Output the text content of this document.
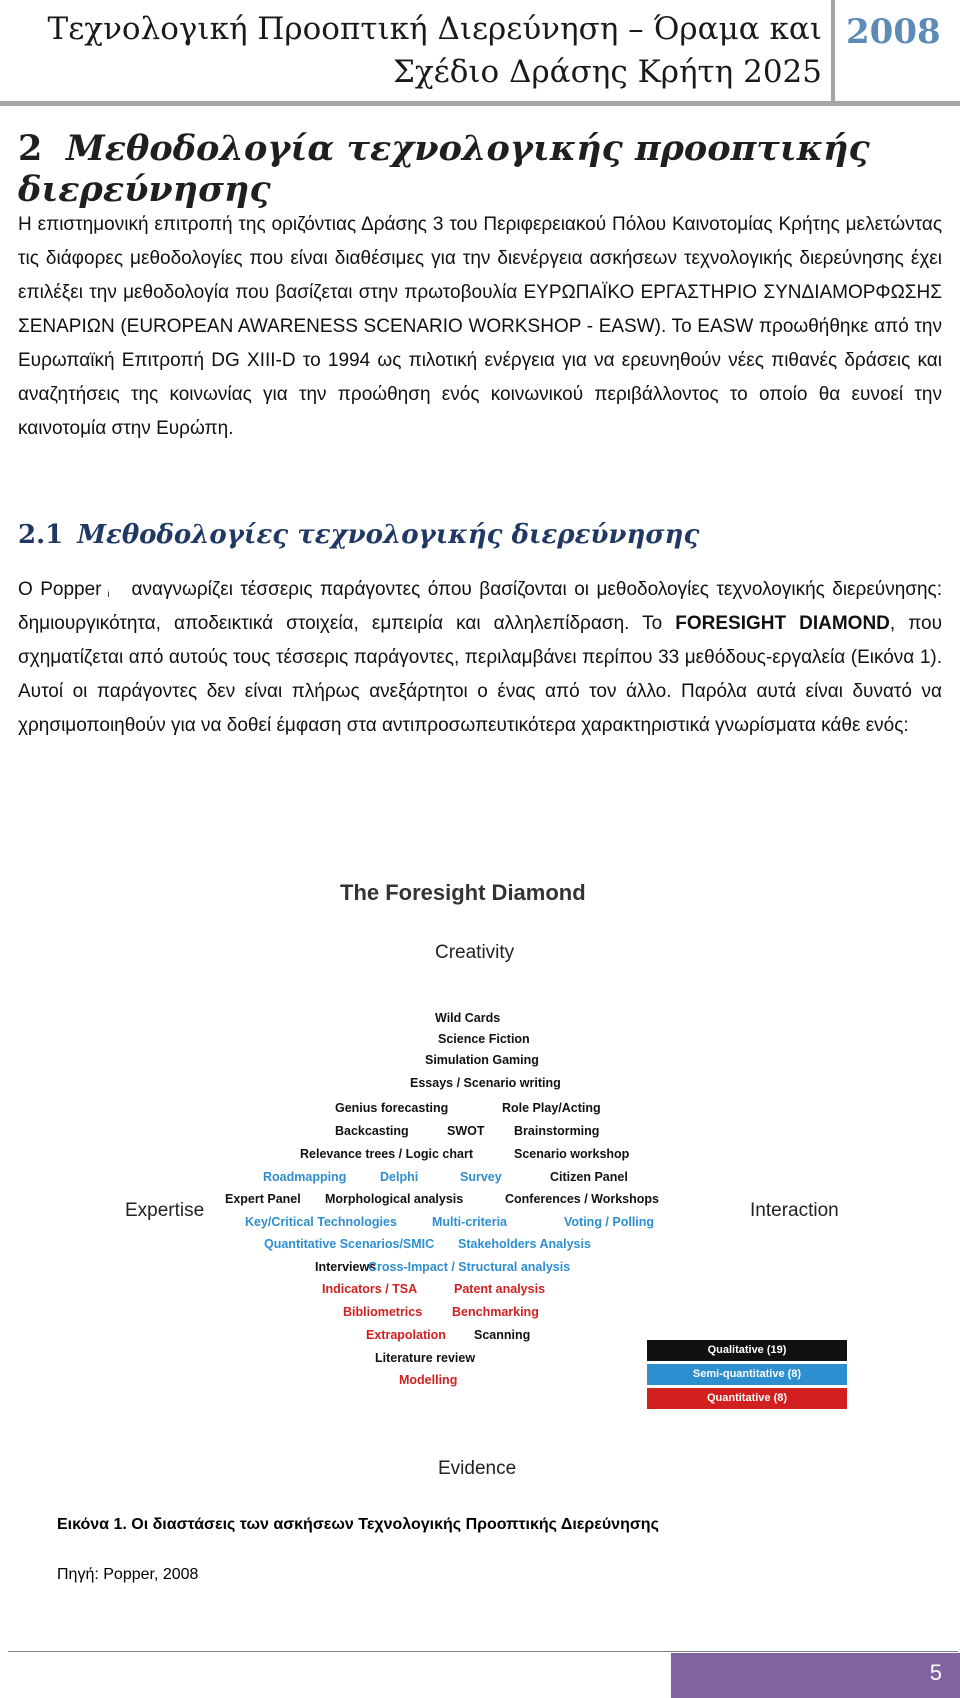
Τεχνολογική Προοπτική Διερεύνηση – Όραμα και Σχέδιο Δράσης Κρήτη 2025
2008
2 Μεθοδολογία τεχνολογικής προοπτικής διερεύνησης
Η επιστημονική επιτροπή της οριζόντιας Δράσης 3 του Περιφερειακού Πόλου Καινοτομίας Κρήτης μελετώντας τις διάφορες μεθοδολογίες που είναι διαθέσιμες για την διενέργεια ασκήσεων τεχνολογικής διερεύνησης έχει επιλέξει την μεθοδολογία που βασίζεται στην πρωτοβουλία ΕΥΡΩΠΑΪΚΟ ΕΡΓΑΣΤΗΡΙΟ ΣΥΝΔΙΑΜΟΡΦΩΣΗΣ ΣΕΝΑΡΙΩΝ (EUROPEAN AWARENESS SCENARIO WORKSHOP - EASW). Το EASW προωθήθηκε από την Ευρωπαϊκή Επιτροπή DG XIII-D το 1994 ως πιλοτική ενέργεια για να ερευνηθούν νέες πιθανές δράσεις και αναζητήσεις της κοινωνίας για την προώθηση ενός κοινωνικού περιβάλλοντος το οποίο θα ευνοεί την καινοτομία στην Ευρώπη.
2.1 Μεθοδολογίες τεχνολογικής διερεύνησης
Ο Popper $^i$ αναγνωρίζει τέσσερις παράγοντες όπου βασίζονται οι μεθοδολογίες τεχνολογικής διερεύνησης: δημιουργικότητα, αποδεικτικά στοιχεία, εμπειρία και αλληλεπίδραση. Το FORESIGHT DIAMOND, που σχηματίζεται από αυτούς τους τέσσερις παράγοντες, περιλαμβάνει περίπου 33 μεθόδους-εργαλεία (Εικόνα 1). Αυτοί οι παράγοντες δεν είναι πλήρως ανεξάρτητοι ο ένας από τον άλλο. Παρόλα αυτά είναι δυνατό να χρησιμοποιηθούν για να δοθεί έμφαση στα αντιπροσωπευτικότερα χαρακτηριστικά γνωρίσματα κάθε ενός:
The Foresight Diamond
Creativity
Expertise	Interaction
Evidence
Wild Cards
Science Fiction
Simulation Gaming
Essays / Scenario writing
Genius forecasting	Role Play/Acting
Backcasting	SWOT Brainstorming
Relevance trees / Logic chart	Scenario workshop
Roadmapping	Delphi	Survey	Citizen Panel
Expert Panel Morphological analysis	Conferences / Workshops
Key/Critical Technologies	Multi-criteria	Voting / Polling
Quantitative Scenarios/SMIC Stakeholders Analysis
Interviews
Cross-Impact / Structural analysis
Indicators / TSA	Patent analysis
Bibliometrics Benchmarking
Extrapolation Scanning
Literature review
Modelling
Qualitative (19)
Semi-quantitative (8)
Quantitative (8)
Εικόνα 1. Οι διαστάσεις των ασκήσεων Τεχνολογικής Προοπτικής Διερεύνησης
Πηγή: Popper, 2008
5
